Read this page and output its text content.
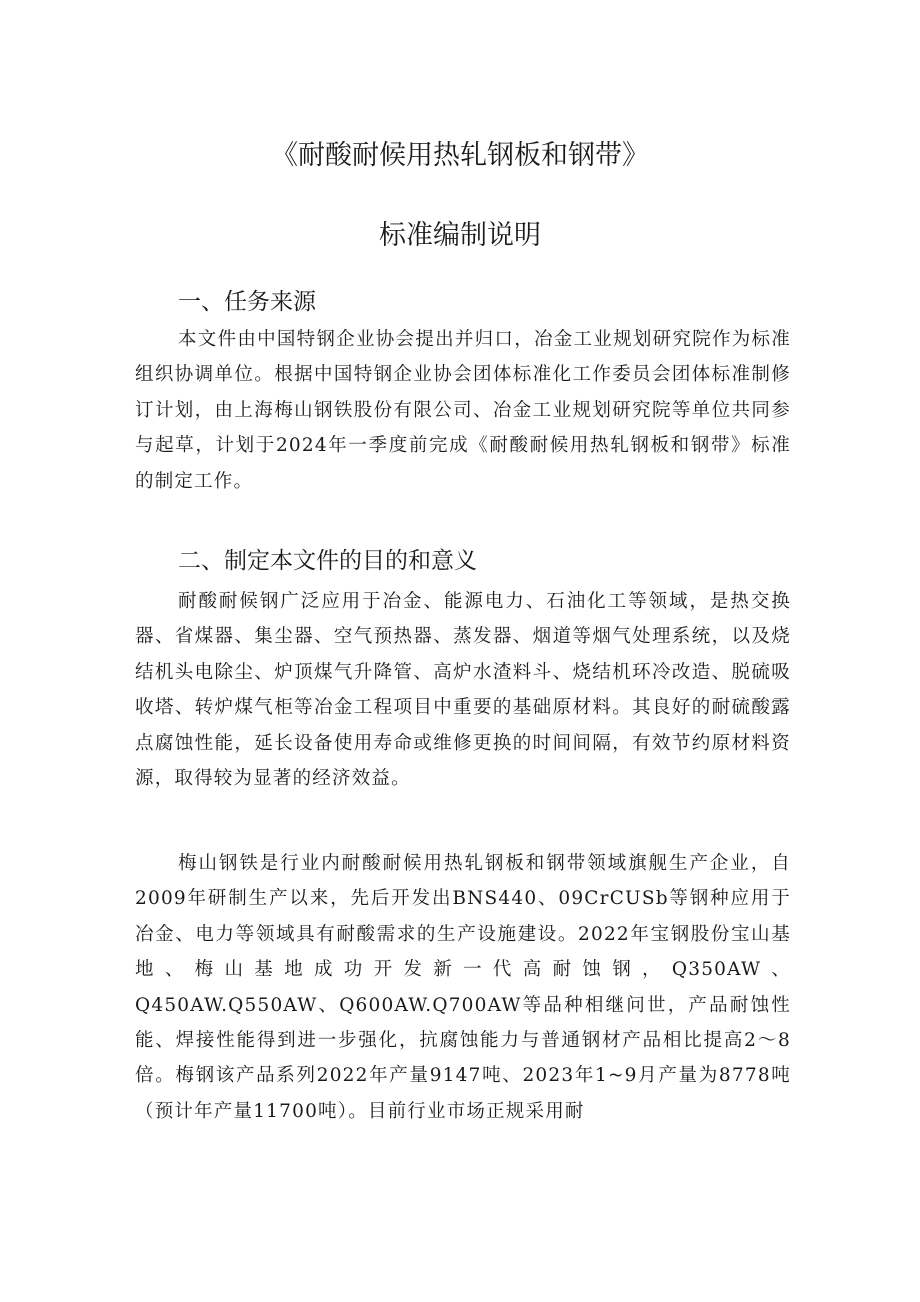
《耐酸耐候用热轧钢板和钢带》
标准编制说明
一、任务来源

本文件由中国特钢企业协会提出并归口，冶金工业规划研究院作为标准组织协调单位。根据中国特钢企业协会团体标准化工作委员会团体标准制修订计划，由上海梅山钢铁股份有限公司、冶金工业规划研究院等单位共同参与起草，计划于2024年一季度前完成《耐酸耐候用热轧钢板和钢带》标准的制定工作。

二、制定本文件的目的和意义

耐酸耐候钢广泛应用于冶金、能源电力、石油化工等领域，是热交换器、省煤器、集尘器、空气预热器、蒸发器、烟道等烟气处理系统，以及烧结机头电除尘、炉顶煤气升降管、高炉水渣料斗、烧结机环冷改造、脱硫吸收塔、转炉煤气柜等冶金工程项目中重要的基础原材料。其良好的耐硫酸露点腐蚀性能，延长设备使用寿命或维修更换的时间间隔，有效节约原材料资源，取得较为显著的经济效益。

梅山钢铁是行业内耐酸耐候用热轧钢板和钢带领域旗舰生产企业，自2009年研制生产以来，先后开发出BNS440、09CrCUSb等钢种应用于冶金、电力等领域具有耐酸需求的生产设施建设。2022年宝钢股份宝山基地、梅山基地成功开发新一代高耐蚀钢，Q350AW、Q450AW.Q550AW、Q600AW.Q700AW等品种相继问世，产品耐蚀性能、焊接性能得到进一步强化，抗腐蚀能力与普通钢材产品相比提高2～8倍。梅钢该产品系列2022年产量9147吨、2023年1~9月产量为8778吨（预计年产量11700吨）。目前行业市场正规采用耐
